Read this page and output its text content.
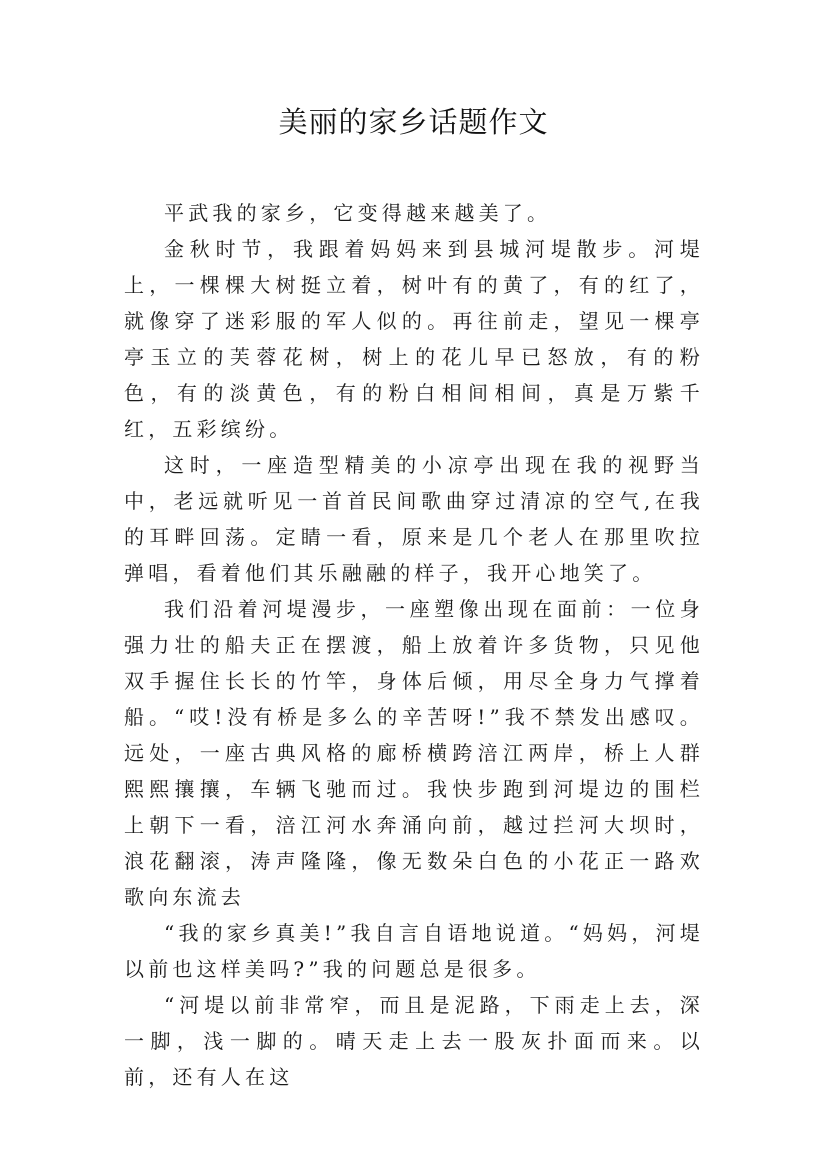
美丽的家乡话题作文

平武我的家乡，它变得越来越美了。

金秋时节，我跟着妈妈来到县城河堤散步。河堤上，一棵棵大树挺立着，树叶有的黄了，有的红了，就像穿了迷彩服的军人似的。再往前走，望见一棵亭亭玉立的芙蓉花树，树上的花儿早已怒放，有的粉色，有的淡黄色，有的粉白相间相间，真是万紫千红，五彩缤纷。

这时，一座造型精美的小凉亭出现在我的视野当中，老远就听见一首首民间歌曲穿过清凉的空气,在我的耳畔回荡。定睛一看，原来是几个老人在那里吹拉弹唱，看着他们其乐融融的样子，我开心地笑了。

我们沿着河堤漫步，一座塑像出现在面前：一位身强力壮的船夫正在摆渡，船上放着许多货物，只见他双手握住长长的竹竿，身体后倾，用尽全身力气撑着船。“哎!没有桥是多么的辛苦呀!”我不禁发出感叹。远处，一座古典风格的廊桥横跨涪江两岸，桥上人群熙熙攘攘，车辆飞驰而过。我快步跑到河堤边的围栏上朝下一看，涪江河水奔涌向前，越过拦河大坝时，浪花翻滚，涛声隆隆，像无数朵白色的小花正一路欢歌向东流去

“我的家乡真美!”我自言自语地说道。“妈妈，河堤以前也这样美吗?”我的问题总是很多。

“河堤以前非常窄，而且是泥路，下雨走上去，深一脚，浅一脚的。晴天走上去一股灰扑面而来。以前，还有人在这
